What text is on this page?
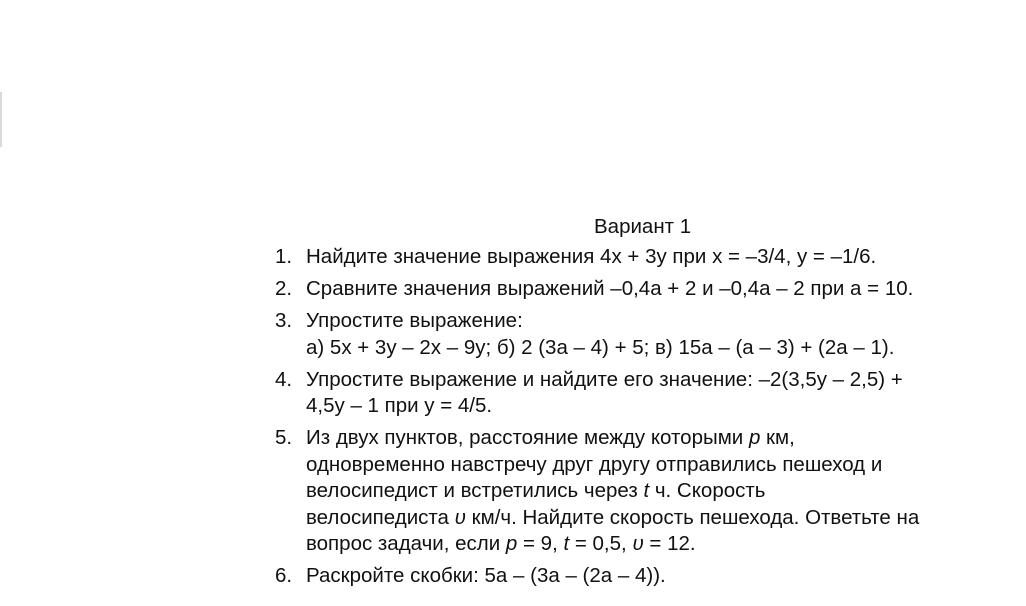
Вариант 1
1. Найдите значение выражения 4x + 3y при x = –3/4, y = –1/6.
2. Сравните значения выражений –0,4a + 2 и –0,4a – 2 при a = 10.
3. Упростите выражение:
а) 5x + 3y – 2x – 9y; б) 2 (3a – 4) + 5; в) 15a – (a – 3) + (2a – 1).
4. Упростите выражение и найдите его значение: –2(3,5y – 2,5) +
4,5y – 1 при y = 4/5.
5. Из двух пунктов, расстояние между которыми p км,
одновременно навстречу друг другу отправились пешеход и
велосипедист и встретились через t ч. Скорость
велосипедиста υ км/ч. Найдите скорость пешехода. Ответьте на
вопрос задачи, если p = 9, t = 0,5, υ = 12.
6. Раскройте скобки: 5a – (3a – (2a – 4)).
